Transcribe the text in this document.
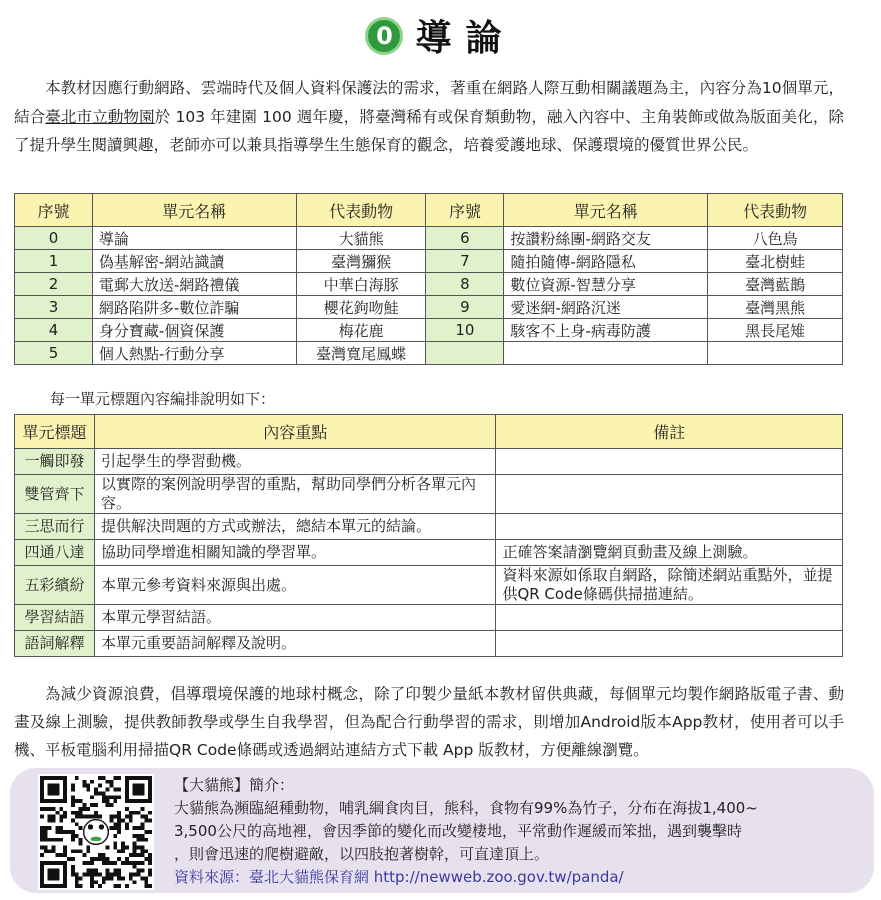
0 導論

本教材因應行動網路、雲端時代及個人資料保護法的需求，著重在網路人際互動相關議題為主，內容分為10個單元，結合臺北市立動物園於 103 年建園 100 週年慶，將臺灣稀有或保育類動物，融入內容中、主角裝飾或做為版面美化，除了提升學生閱讀興趣，老師亦可以兼具指導學生生態保育的觀念，培養愛護地球、保護環境的優質世界公民。

序號	單元名稱	代表動物	序號	單元名稱	代表動物
0	導論	大貓熊	6	按讚粉絲團-網路交友	八色鳥
1	偽基解密-網站識讀	臺灣獼猴	7	隨拍隨傳-網路隱私	臺北樹蛙
2	電郵大放送-網路禮儀	中華白海豚	8	數位資源-智慧分享	臺灣藍鵲
3	網路陷阱多-數位詐騙	櫻花鉤吻鮭	9	愛迷網-網路沉迷	臺灣黑熊
4	身分寶藏-個資保護	梅花鹿	10	駭客不上身-病毒防護	黑長尾雉
5	個人熱點-行動分享	臺灣寬尾鳳蝶			
每一單元標題內容編排說明如下：
單元標題	內容重點	備註
一觸即發	引起學生的學習動機。	
雙管齊下	以實際的案例說明學習的重點，幫助同學們分析各單元內容。	
三思而行	提供解決問題的方式或辦法，總結本單元的結論。	
四通八達	協助同學增進相關知識的學習單。	正確答案請瀏覽網頁動畫及線上測驗。
五彩繽紛	本單元參考資料來源與出處。	資料來源如係取自網路，除簡述網站重點外，並提供QR Code條碼供掃描連結。
學習結語	本單元學習結語。	
語詞解釋	本單元重要語詞解釋及說明。	

為減少資源浪費，倡導環境保護的地球村概念，除了印製少量紙本教材留供典藏，每個單元均製作網路版電子書、動畫及線上測驗，提供教師教學或學生自我學習，但為配合行動學習的需求，則增加Android版本App教材，使用者可以手機、平板電腦利用掃描QR Code條碼或透過網站連結方式下載 App 版教材，方便離線瀏覽。

【大貓熊】簡介：
大貓熊為瀕臨絕種動物，哺乳綱食肉目，熊科，食物有99%為竹子，分布在海拔1,400~
3,500公尺的高地裡，會因季節的變化而改變棲地，平常動作遲緩而笨拙，遇到襲擊時
，則會迅速的爬樹避敵，以四肢抱著樹幹，可直達頂上。
資料來源：臺北大貓熊保育網 http://newweb.zoo.gov.tw/panda/
